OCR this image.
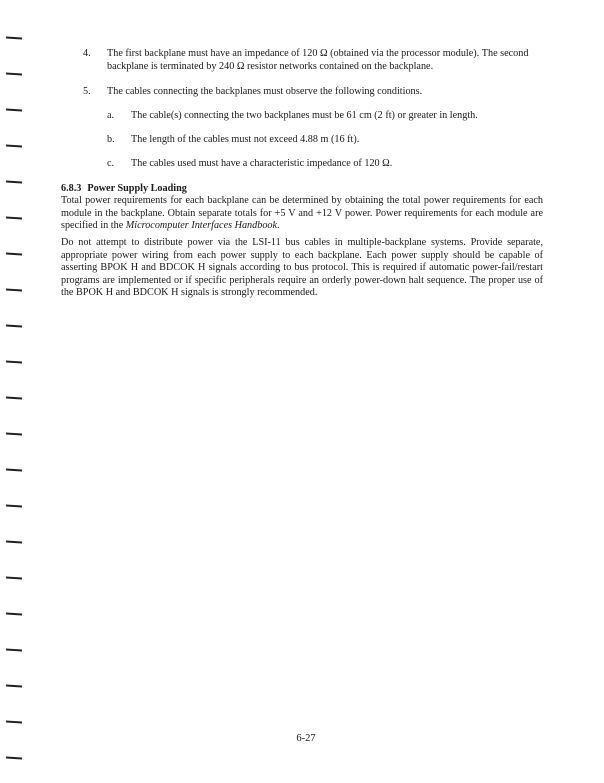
4. The first backplane must have an impedance of 120 Ω (obtained via the processor module). The second backplane is terminated by 240 Ω resistor networks contained on the backplane.
5. The cables connecting the backplanes must observe the following conditions.
a.	The cable(s) connecting the two backplanes must be 61 cm (2 ft) or greater in length.
b.	The length of the cables must not exceed 4.88 m (16 ft).
c.	The cables used must have a characteristic impedance of 120 Ω.
6.8.3 Power Supply Loading
Total power requirements for each backplane can be determined by obtaining the total power requirements for each module in the backplane. Obtain separate totals for +5 V and +12 V power. Power requirements for each module are specified in the Microcomputer Interfaces Handbook.
Do not attempt to distribute power via the LSI-11 bus cables in multiple-backplane systems. Provide separate, appropriate power wiring from each power supply to each backplane. Each power supply should be capable of asserting BPOK H and BDCOK H signals according to bus protocol. This is required if automatic power-fail/restart programs are implemented or if specific peripherals require an orderly power-down halt sequence. The proper use of the BPOK H and BDCOK H signals is strongly recommended.
6-27
